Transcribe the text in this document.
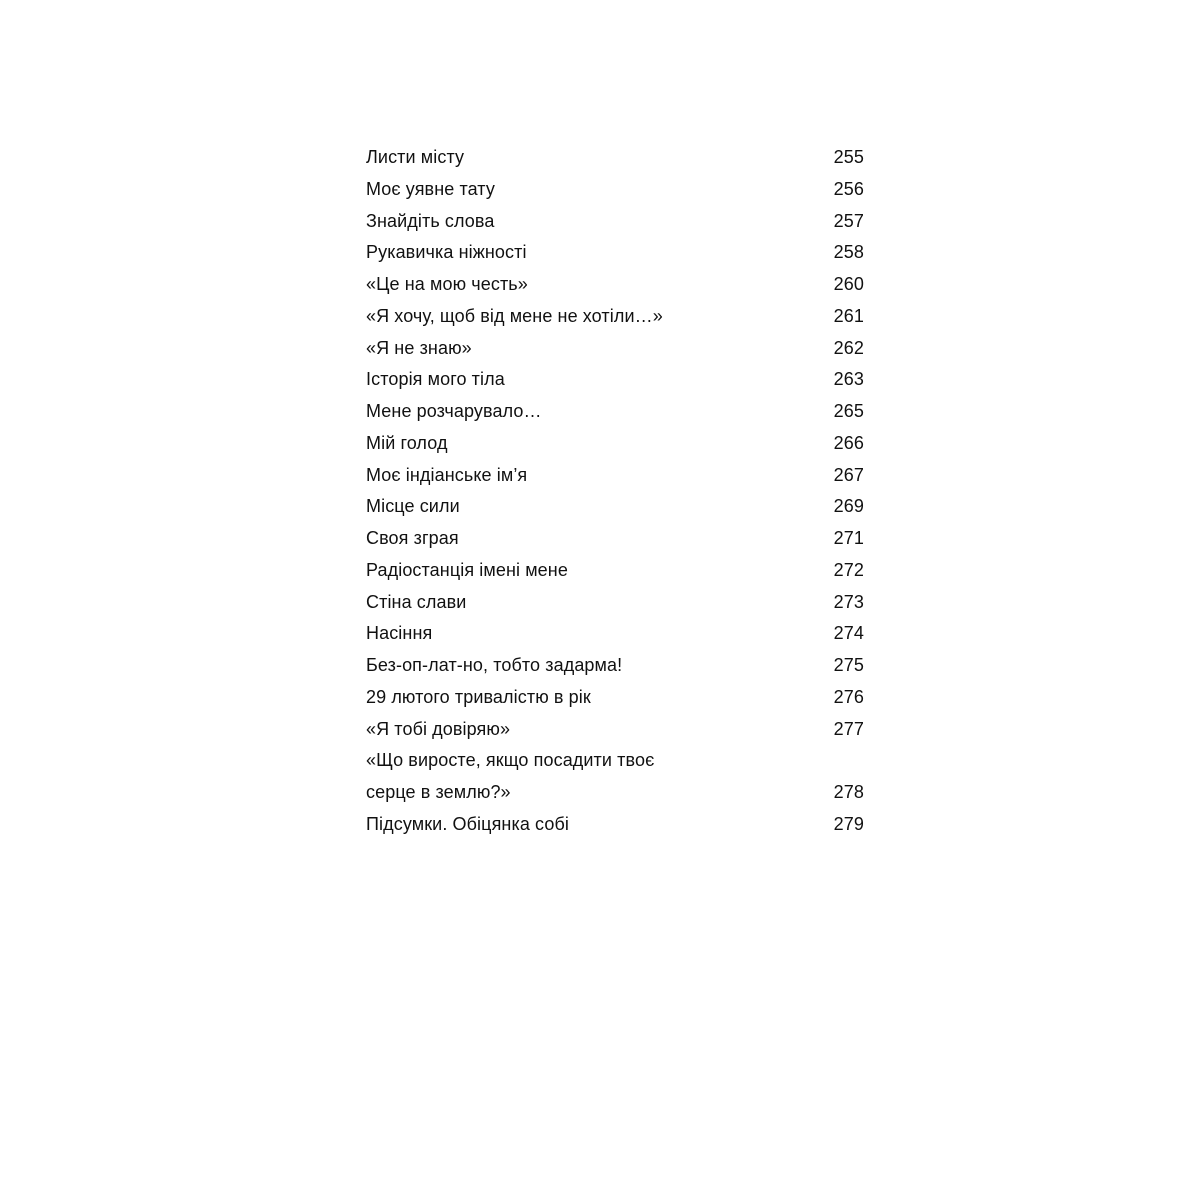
Листи місту	255
Моє уявне тату	256
Знайдіть слова	257
Рукавичка ніжності	258
«Це на мою честь»	260
«Я хочу, щоб від мене не хотіли…»	261
«Я не знаю»	262
Історія мого тіла	263
Мене розчарувало…	265
Мій голод	266
Моє індіанське ім’я	267
Місце сили	269
Своя зграя	271
Радіостанція імені мене	272
Стіна слави	273
Насіння	274
Без-оп-лат-но, тобто задарма!	275
29 лютого тривалістю в рік	276
«Я тобі довіряю»	277
«Що виросте, якщо посадити твоє
серце в землю?»	278
Підсумки. Обіцянка собі	279
